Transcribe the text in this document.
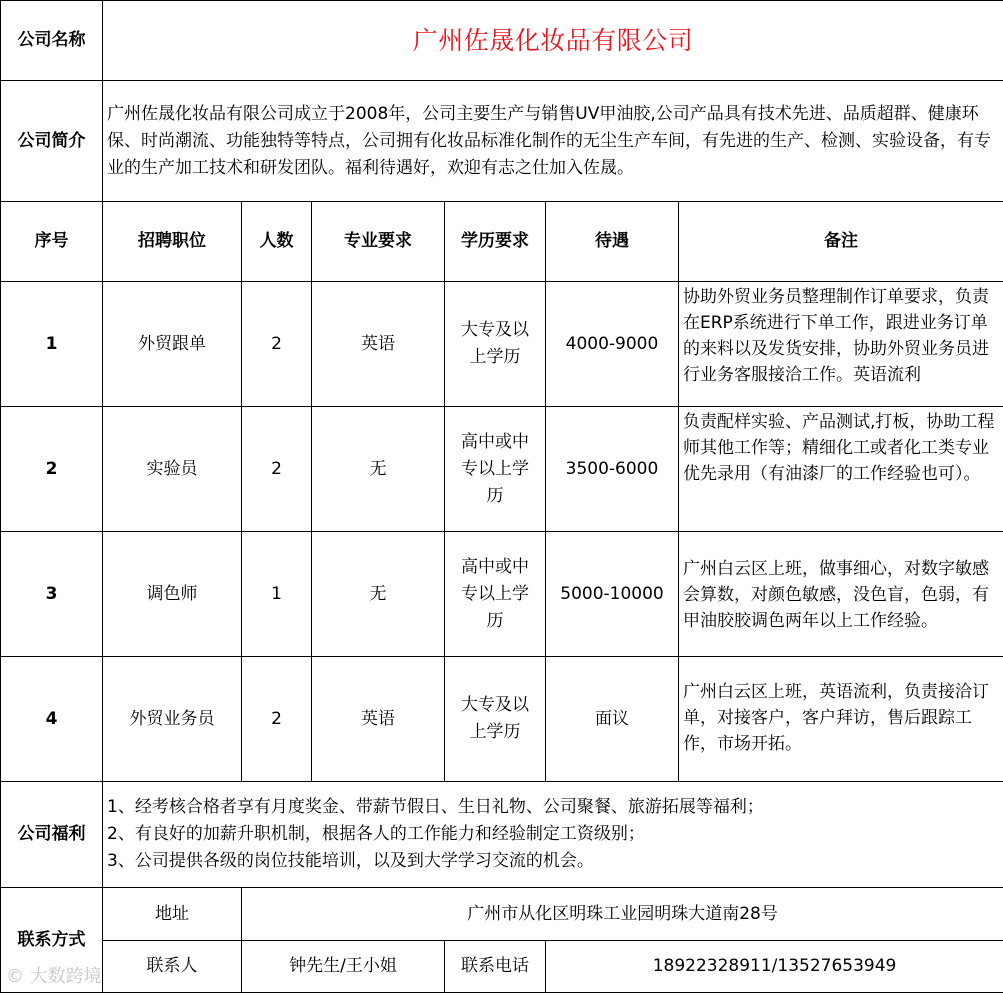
公司名称	广州佐晟化妆品有限公司					
公司简介	广州佐晟化妆品有限公司成立于2008年，公司主要生产与销售UV甲油胶,公司产品具有技术先进、品质超群、健康环保、时尚潮流、功能独特等特点，公司拥有化妆品标准化制作的无尘生产车间，有先进的生产、检测、实验设备，有专业的生产加工技术和研发团队。福利待遇好，欢迎有志之仕加入佐晟。					
序号	招聘职位	人数	专业要求	学历要求	待遇	备注
1	外贸跟单	2	英语	大专及以上学历	4000-9000	协助外贸业务员整理制作订单要求，负责在ERP系统进行下单工作，跟进业务订单的来料以及发货安排，协助外贸业务员进行业务客服接洽工作。英语流利

2	实验员	2	无	高中或中专以上学历	3500-6000	负责配样实验、产品测试,打板，协助工程师其他工作等；精细化工或者化工类专业优先录用（有油漆厂的工作经验也可）。

3	调色师	1	无	高中或中专以上学历	5000-10000	广州白云区上班，做事细心，对数字敏感会算数，对颜色敏感，没色盲，色弱，有甲油胶胶调色两年以上工作经验。

4	外贸业务员	2	英语	大专及以上学历	面议	广州白云区上班，英语流利，负责接洽订单，对接客户，客户拜访，售后跟踪工作，市场开拓。

公司福利	1、经考核合格者享有月度奖金、带薪节假日、生日礼物、公司聚餐、旅游拓展等福利；
2、有良好的加薪升职机制，根据各人的工作能力和经验制定工资级别；
3、公司提供各级的岗位技能培训，以及到大学学习交流的机会。					

联系方式	地址	广州市从化区明珠工业园明珠大道南28号				
	联系人	钟先生/王小姐		联系电话	18922328911/13527653949	
© 大数跨境
